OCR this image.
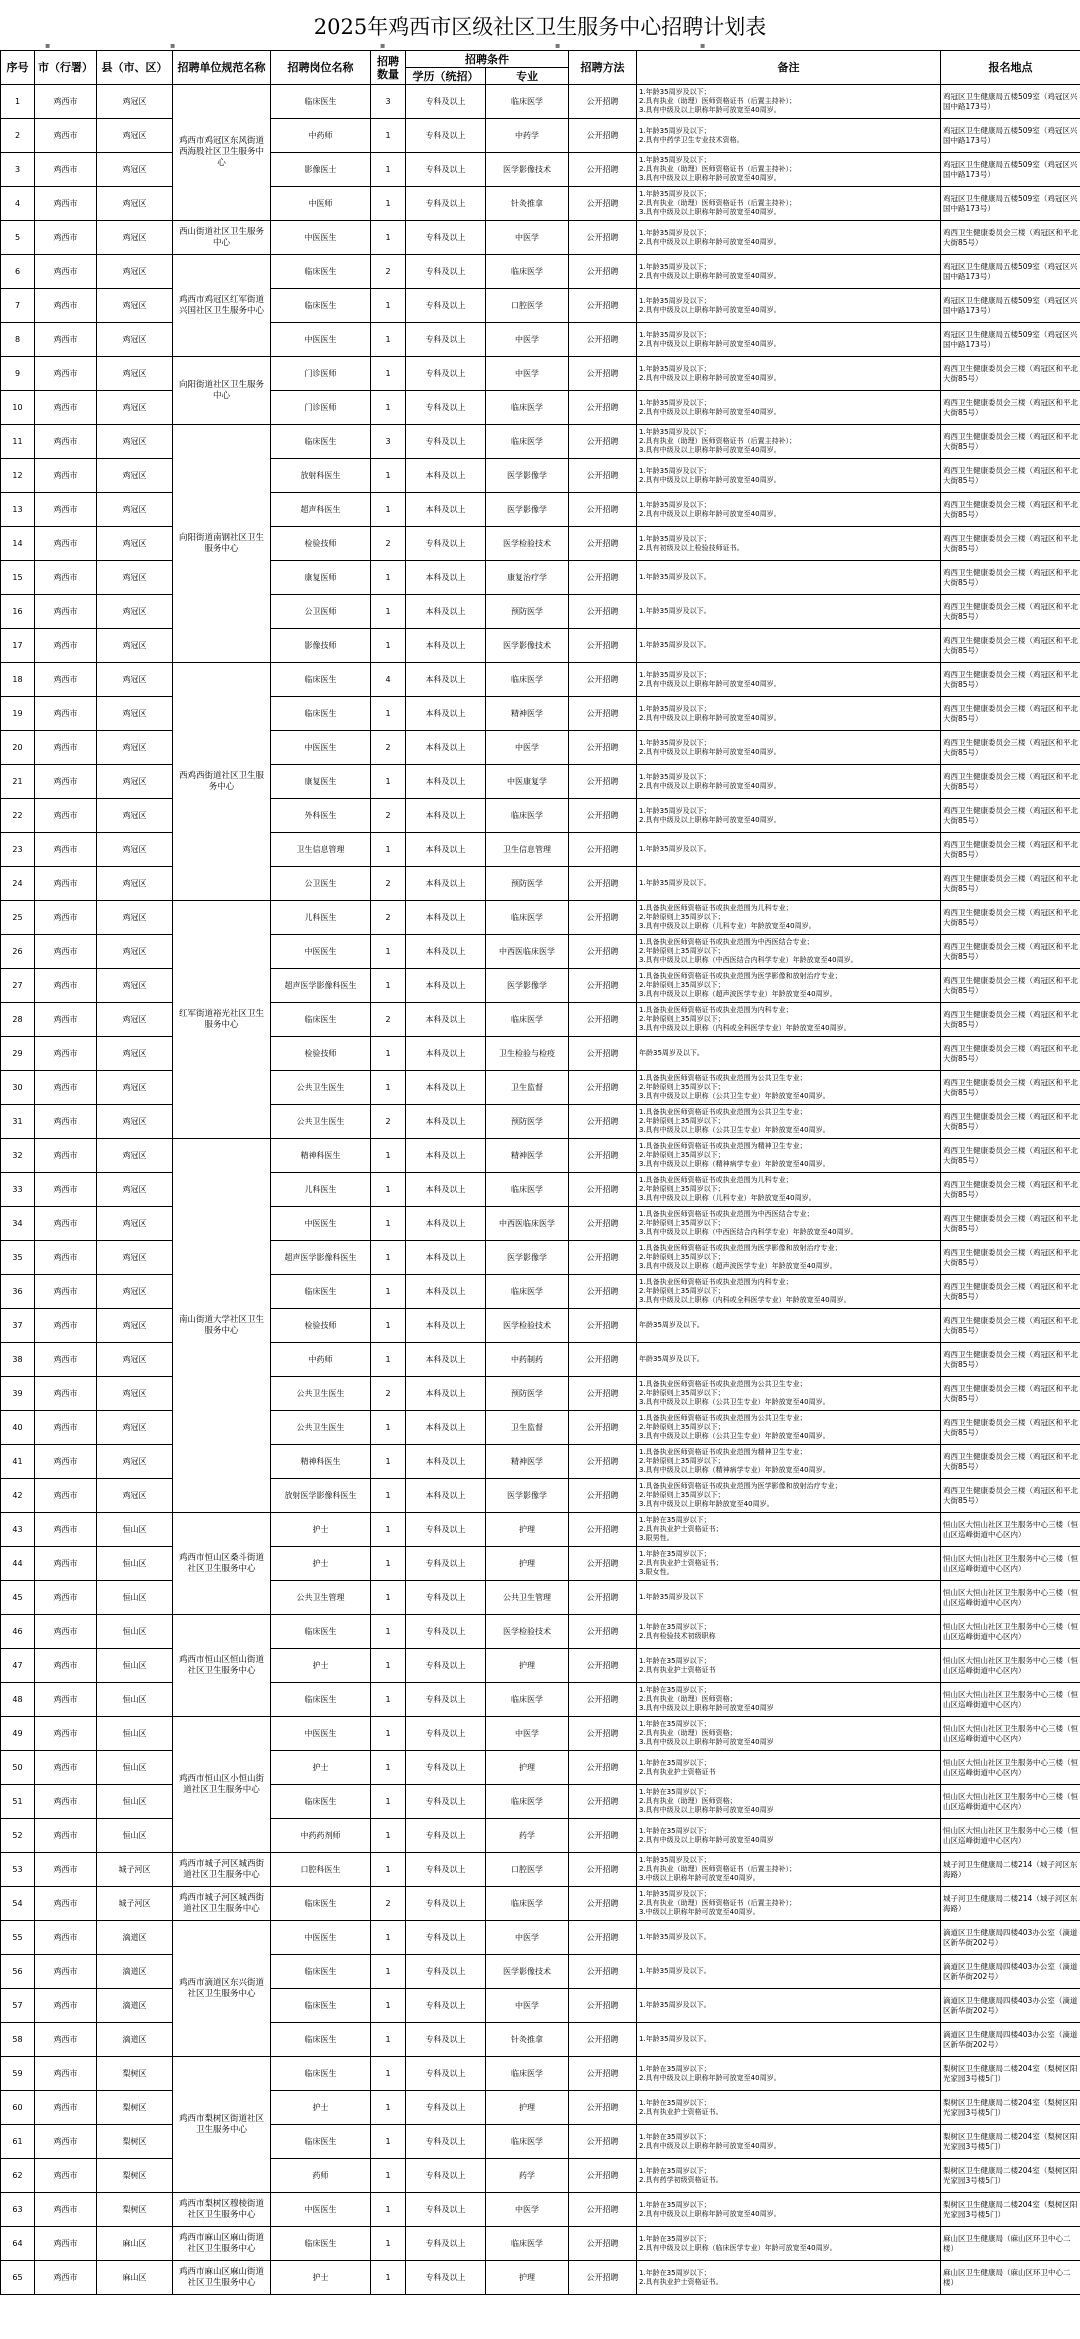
2025年鸡西市区级社区卫生服务中心招聘计划表
▪	▪	▪	▪	▪
序号	市（行署）	县（市、区）	招聘单位规范名称	招聘岗位名称	招聘数量	招聘条件		招聘方法	备注	报名地点
						学历（统招）	专业			
1	鸡西市	鸡冠区	鸡西市鸡冠区东风街道西海股社区卫生服务中心	临床医生	3	专科及以上	临床医学	公开招聘	1.年龄35周岁及以下；
2.具有执业（助理）医师资格证书（后置主持补）；
3.具有中级及以上职称年龄可放宽至40周岁。	鸡冠区卫生健康局五楼509室（鸡冠区兴国中路173号）
2	鸡西市	鸡冠区		中药师	1	专科及以上	中药学	公开招聘	1.年龄35周岁及以下；
2.具有中药学卫生专业技术资格。	鸡冠区卫生健康局五楼509室（鸡冠区兴国中路173号）
3	鸡西市	鸡冠区		影像医士	1	专科及以上	医学影像技术	公开招聘	1.年龄35周岁及以下；
2.具有执业（助理）医师资格证书（后置主持补）；
3.具有中级及以上职称年龄可放宽至40周岁。	鸡冠区卫生健康局五楼509室（鸡冠区兴国中路173号）
4	鸡西市	鸡冠区		中医师	1	专科及以上	针灸推拿	公开招聘	1.年龄35周岁及以下；
2.具有执业（助理）医师资格证书（后置主持补）；
3.具有中级及以上职称年龄可放宽至40周岁。	鸡冠区卫生健康局五楼509室（鸡冠区兴国中路173号）
5	鸡西市	鸡冠区	西山街道社区卫生服务中心	中医医生	1	专科及以上	中医学	公开招聘	1.年龄35周岁及以下；
2.具有中级及以上职称年龄可放宽至40周岁。	鸡西卫生健康委员会三楼（鸡冠区和平北大街85号）
6	鸡西市	鸡冠区	鸡西市鸡冠区红军街道兴国社区卫生服务中心	临床医生	2	专科及以上	临床医学	公开招聘	1.年龄35周岁及以下；
2.具有中级及以上职称年龄可放宽至40周岁。	鸡冠区卫生健康局五楼509室（鸡冠区兴国中路173号）
7	鸡西市	鸡冠区		临床医生	1	专科及以上	口腔医学	公开招聘	1.年龄35周岁及以下；
2.具有中级及以上职称年龄可放宽至40周岁。	鸡冠区卫生健康局五楼509室（鸡冠区兴国中路173号）
8	鸡西市	鸡冠区		中医医生	1	专科及以上	中医学	公开招聘	1.年龄35周岁及以下；
2.具有中级及以上职称年龄可放宽至40周岁。	鸡冠区卫生健康局五楼509室（鸡冠区兴国中路173号）
9	鸡西市	鸡冠区	向阳街道社区卫生服务中心	门诊医师	1	专科及以上	中医学	公开招聘	1.年龄35周岁及以下；
2.具有中级及以上职称年龄可放宽至40周岁。	鸡西卫生健康委员会三楼（鸡冠区和平北大街85号）
10	鸡西市	鸡冠区		门诊医师	1	专科及以上	临床医学	公开招聘	1.年龄35周岁及以下；
2.具有中级及以上职称年龄可放宽至40周岁。	鸡西卫生健康委员会三楼（鸡冠区和平北大街85号）
11	鸡西市	鸡冠区	向阳街道南钢社区卫生服务中心	临床医生	3	专科及以上	临床医学	公开招聘	1.年龄35周岁及以下；
2.具有执业（助理）医师资格证书（后置主持补）；
3.具有中级及以上职称年龄可放宽至40周岁。	鸡西卫生健康委员会三楼（鸡冠区和平北大街85号）
12	鸡西市	鸡冠区		放射科医生	1	本科及以上	医学影像学	公开招聘	1.年龄35周岁及以下；
2.具有中级及以上职称年龄可放宽至40周岁。	鸡西卫生健康委员会三楼（鸡冠区和平北大街85号）
13	鸡西市	鸡冠区		超声科医生	1	本科及以上	医学影像学	公开招聘	1.年龄35周岁及以下；
2.具有中级及以上职称年龄可放宽至40周岁。	鸡西卫生健康委员会三楼（鸡冠区和平北大街85号）
14	鸡西市	鸡冠区		检验技师	2	专科及以上	医学检验技术	公开招聘	1.年龄35周岁及以下；
2.具有初级及以上检验技师证书。	鸡西卫生健康委员会三楼（鸡冠区和平北大街85号）
15	鸡西市	鸡冠区		康复医师	1	本科及以上	康复治疗学	公开招聘	1.年龄35周岁及以下。	鸡西卫生健康委员会三楼（鸡冠区和平北大街85号）
16	鸡西市	鸡冠区		公卫医师	1	本科及以上	预防医学	公开招聘	1.年龄35周岁及以下。	鸡西卫生健康委员会三楼（鸡冠区和平北大街85号）
17	鸡西市	鸡冠区		影像技师	1	本科及以上	医学影像技术	公开招聘	1.年龄35周岁及以下。	鸡西卫生健康委员会三楼（鸡冠区和平北大街85号）
18	鸡西市	鸡冠区	西鸡西街道社区卫生服务中心	临床医生	4	本科及以上	临床医学	公开招聘	1.年龄35周岁及以下；
2.具有中级及以上职称年龄可放宽至40周岁。	鸡西卫生健康委员会三楼（鸡冠区和平北大街85号）
19	鸡西市	鸡冠区		临床医生	1	本科及以上	精神医学	公开招聘	1.年龄35周岁及以下；
2.具有中级及以上职称年龄可放宽至40周岁。	鸡西卫生健康委员会三楼（鸡冠区和平北大街85号）
20	鸡西市	鸡冠区		中医医生	2	本科及以上	中医学	公开招聘	1.年龄35周岁及以下；
2.具有中级及以上职称年龄可放宽至40周岁。	鸡西卫生健康委员会三楼（鸡冠区和平北大街85号）
21	鸡西市	鸡冠区		康复医生	1	本科及以上	中医康复学	公开招聘	1.年龄35周岁及以下；
2.具有中级及以上职称年龄可放宽至40周岁。	鸡西卫生健康委员会三楼（鸡冠区和平北大街85号）
22	鸡西市	鸡冠区		外科医生	2	本科及以上	临床医学	公开招聘	1.年龄35周岁及以下；
2.具有中级及以上职称年龄可放宽至40周岁。	鸡西卫生健康委员会三楼（鸡冠区和平北大街85号）
23	鸡西市	鸡冠区		卫生信息管理	1	本科及以上	卫生信息管理	公开招聘	1.年龄35周岁及以下。	鸡西卫生健康委员会三楼（鸡冠区和平北大街85号）
24	鸡西市	鸡冠区		公卫医生	2	本科及以上	预防医学	公开招聘	1.年龄35周岁及以下。	鸡西卫生健康委员会三楼（鸡冠区和平北大街85号）
25	鸡西市	鸡冠区	红军街道裕光社区卫生服务中心	儿科医生	2	本科及以上	临床医学	公开招聘	1.具备执业医师资格证书或执业范围为儿科专业；
2.年龄原则上35周岁以下；
3.具有中级及以上职称（儿科专业）年龄放宽至40周岁。	鸡西卫生健康委员会三楼（鸡冠区和平北大街85号）
26	鸡西市	鸡冠区		中医医生	1	本科及以上	中西医临床医学	公开招聘	1.具备执业医师资格证书或执业范围为中西医结合专业；
2.年龄原则上35周岁以下；
3.具有中级及以上职称（中西医结合内科学专业）年龄放宽至40周岁。	鸡西卫生健康委员会三楼（鸡冠区和平北大街85号）
27	鸡西市	鸡冠区		超声医学影像科医生	1	本科及以上	医学影像学	公开招聘	1.具备执业医师资格证书或执业范围为医学影像和放射治疗专业；
2.年龄原则上35周岁以下；
3.具有中级及以上职称（超声波医学专业）年龄放宽至40周岁。	鸡西卫生健康委员会三楼（鸡冠区和平北大街85号）
28	鸡西市	鸡冠区		临床医生	2	本科及以上	临床医学	公开招聘	1.具备执业医师资格证书或执业范围为内科专业；
2.年龄原则上35周岁以下；
3.具有中级及以上职称（内科或全科医学专业）年龄放宽至40周岁。	鸡西卫生健康委员会三楼（鸡冠区和平北大街85号）
29	鸡西市	鸡冠区		检验技师	1	本科及以上	卫生检验与检疫	公开招聘	年龄35周岁及以下。	鸡西卫生健康委员会三楼（鸡冠区和平北大街85号）
30	鸡西市	鸡冠区		公共卫生医生	1	本科及以上	卫生监督	公开招聘	1.具备执业医师资格证书或执业范围为公共卫生专业；
2.年龄原则上35周岁以下；
3.具有中级及以上职称（公共卫生专业）年龄放宽至40周岁。	鸡西卫生健康委员会三楼（鸡冠区和平北大街85号）
31	鸡西市	鸡冠区		公共卫生医生	2	本科及以上	预防医学	公开招聘	1.具备执业医师资格证书或执业范围为公共卫生专业；
2.年龄原则上35周岁以下；
3.具有中级及以上职称（公共卫生专业）年龄放宽至40周岁。	鸡西卫生健康委员会三楼（鸡冠区和平北大街85号）
32	鸡西市	鸡冠区	南山街道大学社区卫生服务中心	精神科医生	1	本科及以上	精神医学	公开招聘	1.具备执业医师资格证书或执业范围为精神卫生专业；
2.年龄原则上35周岁以下；
3.具有中级及以上职称（精神病学专业）年龄放宽至40周岁。	鸡西卫生健康委员会三楼（鸡冠区和平北大街85号）
33	鸡西市	鸡冠区		儿科医生	1	本科及以上	临床医学	公开招聘	1.具备执业医师资格证书或执业范围为儿科专业；
2.年龄原则上35周岁以下；
3.具有中级及以上职称（儿科专业）年龄放宽至40周岁。	鸡西卫生健康委员会三楼（鸡冠区和平北大街85号）
34	鸡西市	鸡冠区		中医医生	1	本科及以上	中西医临床医学	公开招聘	1.具备执业医师资格证书或执业范围为中西医结合专业；
2.年龄原则上35周岁以下；
3.具有中级及以上职称（中西医结合内科学专业）年龄放宽至40周岁。	鸡西卫生健康委员会三楼（鸡冠区和平北大街85号）
35	鸡西市	鸡冠区		超声医学影像科医生	1	本科及以上	医学影像学	公开招聘	1.具备执业医师资格证书或执业范围为医学影像和放射治疗专业；
2.年龄原则上35周岁以下；
3.具有中级及以上职称（超声波医学专业）年龄放宽至40周岁。	鸡西卫生健康委员会三楼（鸡冠区和平北大街85号）
36	鸡西市	鸡冠区		临床医生	1	本科及以上	临床医学	公开招聘	1.具备执业医师资格证书或执业范围为内科专业；
2.年龄原则上35周岁以下；
3.具有中级及以上职称（内科或全科医学专业）年龄放宽至40周岁。	鸡西卫生健康委员会三楼（鸡冠区和平北大街85号）
37	鸡西市	鸡冠区		检验技师	1	本科及以上	医学检验技术	公开招聘	年龄35周岁及以下。	鸡西卫生健康委员会三楼（鸡冠区和平北大街85号）
38	鸡西市	鸡冠区		中药师	1	本科及以上	中药制药	公开招聘	年龄35周岁及以下。	鸡西卫生健康委员会三楼（鸡冠区和平北大街85号）
39	鸡西市	鸡冠区		公共卫生医生	2	本科及以上	预防医学	公开招聘	1.具备执业医师资格证书或执业范围为公共卫生专业；
2.年龄原则上35周岁以下；
3.具有中级及以上职称（公共卫生专业）年龄放宽至40周岁。	鸡西卫生健康委员会三楼（鸡冠区和平北大街85号）
40	鸡西市	鸡冠区		公共卫生医生	1	本科及以上	卫生监督	公开招聘	1.具备执业医师资格证书或执业范围为公共卫生专业；
2.年龄原则上35周岁以下；
3.具有中级及以上职称（公共卫生专业）年龄放宽至40周岁。	鸡西卫生健康委员会三楼（鸡冠区和平北大街85号）
41	鸡西市	鸡冠区		精神科医生	1	本科及以上	精神医学	公开招聘	1.具备执业医师资格证书或执业范围为精神卫生专业；
2.年龄原则上35周岁以下；
3.具有中级及以上职称（精神病学专业）年龄放宽至40周岁。	鸡西卫生健康委员会三楼（鸡冠区和平北大街85号）
42	鸡西市	鸡冠区		放射医学影像科医生	1	本科及以上	医学影像学	公开招聘	1.具备执业医师资格证书或执业范围为医学影像和放射治疗专业；
2.年龄原则上35周岁以下；
3.具有中级及以上职称年龄放宽至40周岁。	鸡西卫生健康委员会三楼（鸡冠区和平北大街85号）
43	鸡西市	恒山区	鸡西市恒山区桑斗街道社区卫生服务中心	护士	1	专科及以上	护理	公开招聘	1.年龄在35周岁以下；
2.具有执业护士资格证书；
3.限男性。	恒山区大恒山社区卫生服务中心三楼（恒山区巡峰街道中心区内）
44	鸡西市	恒山区		护士	1	专科及以上	护理	公开招聘	1.年龄在35周岁以下；
2.具有执业护士资格证书；
3.限女性。	恒山区大恒山社区卫生服务中心三楼（恒山区巡峰街道中心区内）
45	鸡西市	恒山区		公共卫生管理	1	专科及以上	公共卫生管理	公开招聘	1.年龄35周岁及以下	恒山区大恒山社区卫生服务中心三楼（恒山区巡峰街道中心区内）
46	鸡西市	恒山区	鸡西市恒山区恒山街道社区卫生服务中心	临床医生	1	专科及以上	医学检验技术	公开招聘	1.年龄在35周岁以下；
2.具有检验技术初级职称	恒山区大恒山社区卫生服务中心三楼（恒山区巡峰街道中心区内）
47	鸡西市	恒山区		护士	1	专科及以上	护理	公开招聘	1.年龄在35周岁以下；
2.具有执业护士资格证书	恒山区大恒山社区卫生服务中心三楼（恒山区巡峰街道中心区内）
48	鸡西市	恒山区		临床医生	1	专科及以上	临床医学	公开招聘	1.年龄在35周岁以下；
2.具有执业（助理）医师资格；
3.具有中级及以上职称年龄可放宽至40周岁	恒山区大恒山社区卫生服务中心三楼（恒山区巡峰街道中心区内）
49	鸡西市	恒山区	鸡西市恒山区小恒山街道社区卫生服务中心	中医医生	1	专科及以上	中医学	公开招聘	1.年龄在35周岁以下；
2.具有执业（助理）医师资格；
3.具有中级及以上职称年龄可放宽至40周岁	恒山区大恒山社区卫生服务中心三楼（恒山区巡峰街道中心区内）
50	鸡西市	恒山区		护士	1	专科及以上	护理	公开招聘	1.年龄在35周岁以下；
2.具有执业护士资格证书	恒山区大恒山社区卫生服务中心三楼（恒山区巡峰街道中心区内）
51	鸡西市	恒山区		临床医生	1	专科及以上	临床医学	公开招聘	1.年龄在35周岁以下；
2.具有执业（助理）医师资格；
3.具有中级及以上职称年龄可放宽至40周岁	恒山区大恒山社区卫生服务中心三楼（恒山区巡峰街道中心区内）
52	鸡西市	恒山区		中药药剂师	1	专科及以上	药学	公开招聘	1.年龄在35周岁以下；
2.具有中级及以上职称年龄可放宽至40周岁	恒山区大恒山社区卫生服务中心三楼（恒山区巡峰街道中心区内）
53	鸡西市	城子河区	鸡西市城子河区城西街道社区卫生服务中心	口腔科医生	1	专科及以上	口腔医学	公开招聘	1.年龄35周岁及以下；
2.具有执业（助理）医师资格证书（后置主持补）；
3.中级以上职称年龄可放宽至40周岁。	城子河卫生健康局二楼214（城子河区东海路）
54	鸡西市	城子河区	鸡西市城子河区城西街道社区卫生服务中心	临床医生	2	专科及以上	临床医学	公开招聘	1.年龄35周岁及以下；
2.具有执业（助理）医师资格证书（后置主持补）；
3.中级以上职称年龄可放宽至40周岁。	城子河卫生健康局二楼214（城子河区东海路）
55	鸡西市	滴道区	鸡西市滴道区东兴街道社区卫生服务中心	中医医生	1	专科及以上	中医学	公开招聘	1.年龄35周岁及以下。	滴道区卫生健康局四楼403办公室（滴道区新华街202号）
56	鸡西市	滴道区		临床医生	1	专科及以上	医学影像技术	公开招聘	1.年龄35周岁及以下。	滴道区卫生健康局四楼403办公室（滴道区新华街202号）
57	鸡西市	滴道区		临床医生	1	专科及以上	中医学	公开招聘	1.年龄35周岁及以下。	滴道区卫生健康局四楼403办公室（滴道区新华街202号）
58	鸡西市	滴道区		临床医生	1	专科及以上	针灸推拿	公开招聘	1.年龄35周岁及以下。	滴道区卫生健康局四楼403办公室（滴道区新华街202号）
59	鸡西市	梨树区	鸡西市梨树区街道社区卫生服务中心	临床医生	1	专科及以上	临床医学	公开招聘	1.年龄在35周岁以下；
2.具有中级及以上职称年龄可放宽至40周岁。	梨树区卫生健康局二楼204室（梨树区阳光家园3号楼5门）
60	鸡西市	梨树区		护士	1	专科及以上	护理	公开招聘	1.年龄在35周岁以下；
2.具有执业护士资格证书。	梨树区卫生健康局二楼204室（梨树区阳光家园3号楼5门）
61	鸡西市	梨树区		临床医生	1	专科及以上	临床医学	公开招聘	1.年龄在35周岁以下；
2.具有中级及以上职称年龄可放宽至40周岁。	梨树区卫生健康局二楼204室（梨树区阳光家园3号楼5门）
62	鸡西市	梨树区		药师	1	专科及以上	药学	公开招聘	1.年龄在35周岁以下；
2.具有药学初级资格证书。	梨树区卫生健康局二楼204室（梨树区阳光家园3号楼5门）
63	鸡西市	梨树区	鸡西市梨树区穆棱街道社区卫生服务中心	中医医生	1	专科及以上	中医学	公开招聘	1.年龄在35周岁以下；
2.具有中级及以上职称年龄可放宽至40周岁。	梨树区卫生健康局二楼204室（梨树区阳光家园3号楼5门）
64	鸡西市	麻山区	鸡西市麻山区麻山街道社区卫生服务中心	临床医生	1	专科及以上	临床医学	公开招聘	1.年龄在35周岁以下；
2.具有中级及以上职称（临床医学专业）年龄可放宽至40周岁。	麻山区卫生健康局（麻山区环卫中心二楼）
65	鸡西市	麻山区	鸡西市麻山区麻山街道社区卫生服务中心	护士	1	专科及以上	护理	公开招聘	1.年龄在35周岁以下；
2.具有执业护士资格证书。	麻山区卫生健康局（麻山区环卫中心二楼）
